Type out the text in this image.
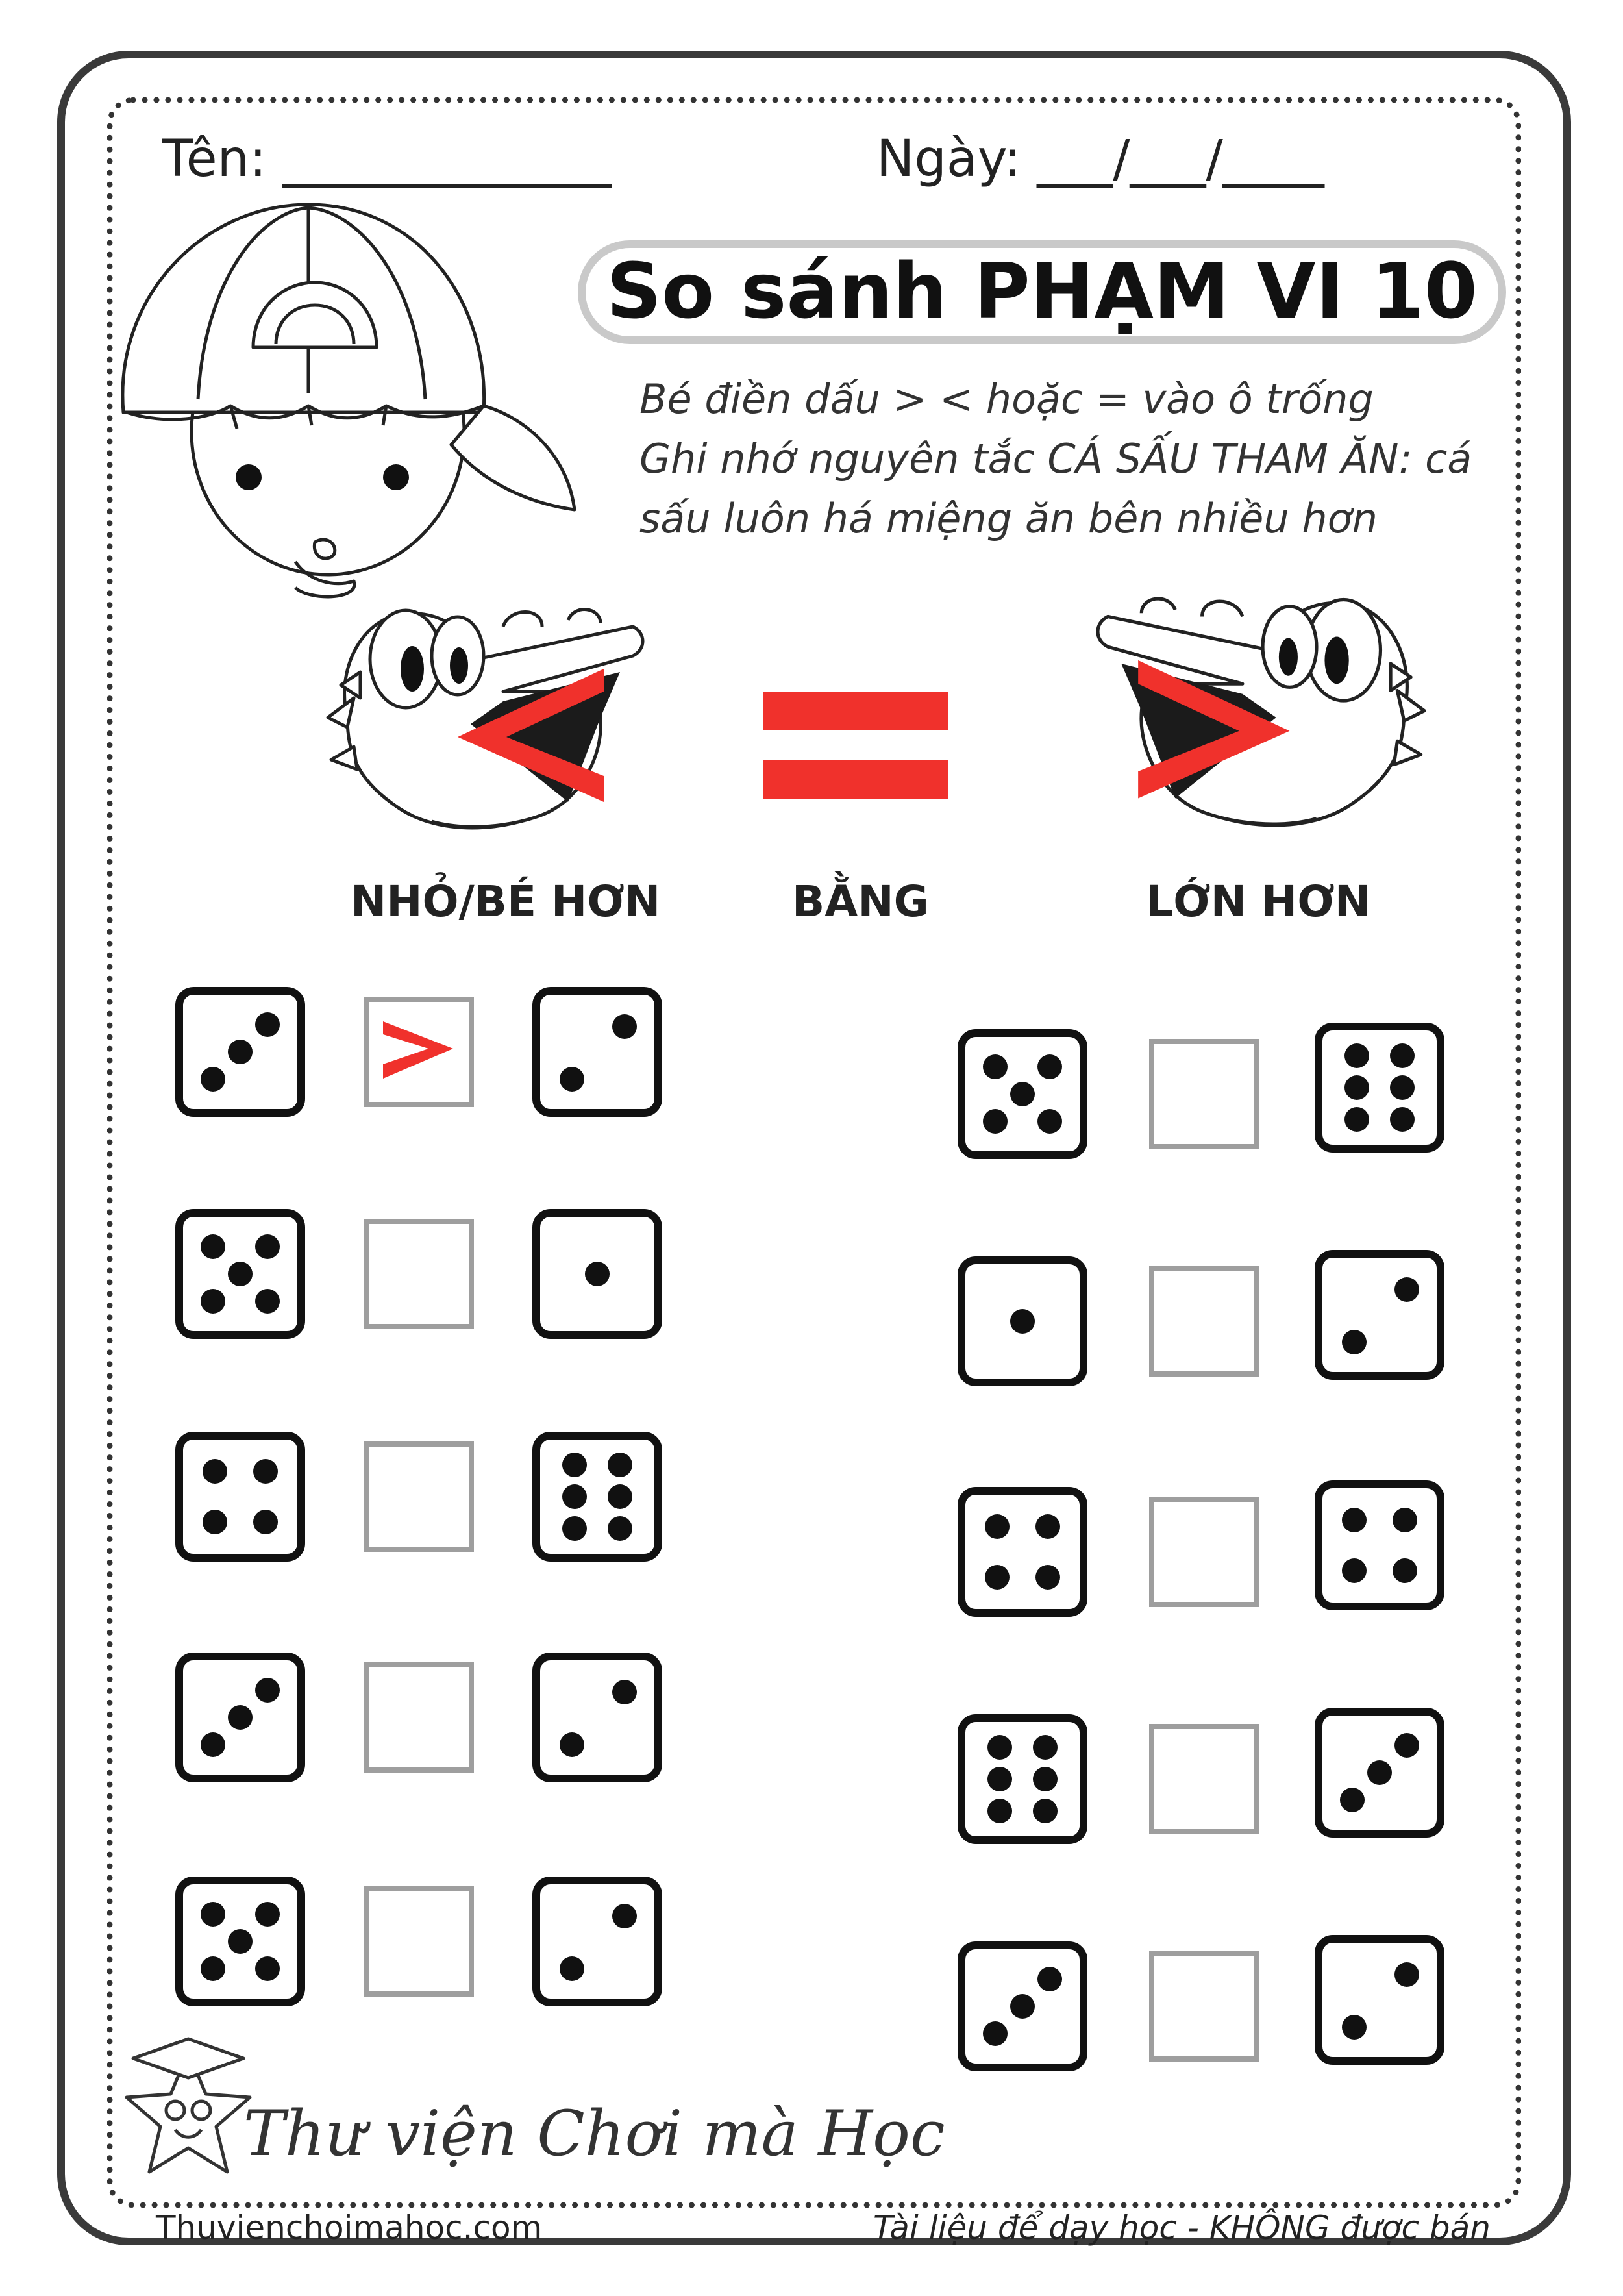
Tên: _____________	Ngày: ___/___/____
So sánh PHẠM VI 10
Bé điền dấu > < hoặc = vào ô trống
Ghi nhớ nguyên tắc CÁ SẤU THAM ĂN: cá
sấu luôn há miệng ăn bên nhiều hơn
NHỎ/BÉ HƠN	BẰNG	LỚN HƠN
Thư viện Chơi mà Học
Thuvienchoimahoc.com	Tài liệu để dạy học - KHÔNG được bán
